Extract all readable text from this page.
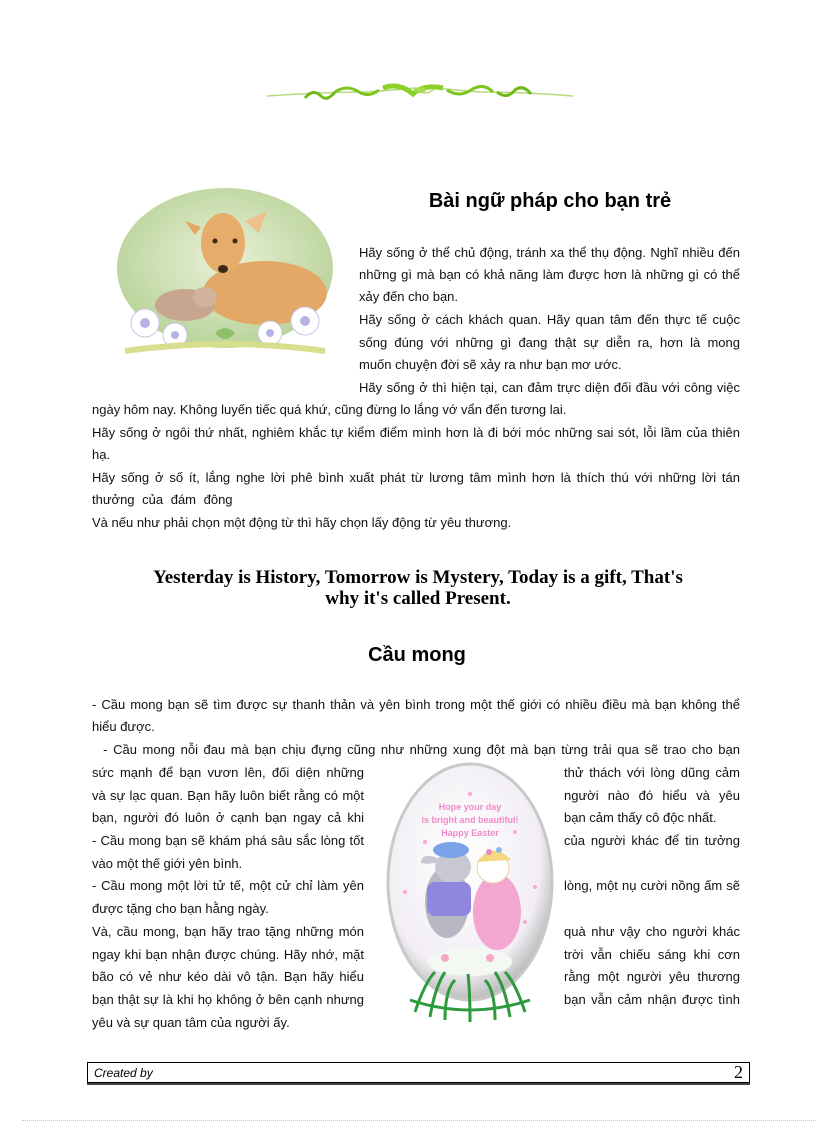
Bài ngữ pháp cho bạn trẻ
Hãy sống ở thể chủ động, tránh xa thể thụ động. Nghĩ nhiều đến
những gì mà bạn có khả năng làm được hơn là những gì có thể
xảy đến cho bạn.
Hãy sống ở cách khách quan. Hãy quan tâm đến thực tế cuộc
sống đúng với những gì đang thật sự diễn ra, hơn là mong
muốn chuyện đời sẽ xảy ra như bạn mơ ước.
Hãy sống ở thì hiện tại, can đảm trực diện đối đầu với công việc
ngày hôm nay. Không luyến tiếc quá khứ, cũng đừng lo lắng vớ vẩn đến tương lai.
Hãy sống ở ngôi thứ nhất, nghiêm khắc tự kiểm điểm mình hơn là đi bới móc những sai sót, lỗi lầm của thiên
hạ.
Hãy sống ở số ít, lắng nghe lời phê bình xuất phát từ lương tâm mình hơn là thích thú với những lời tán
thưởng của đám đông
Và nếu như phải chọn một động từ thì hãy chọn lấy động từ yêu thương.
Yesterday is History, Tomorrow is Mystery, Today is a gift, That's
why it's called Present.
Cầu mong
- Cầu mong bạn sẽ tìm được sự thanh thản và yên bình trong một thế giới có nhiều điều mà bạn không thể
hiểu được.
- Cầu mong nỗi đau mà bạn chịu đựng cũng như những xung đột mà bạn từng trải qua sẽ trao cho bạn
sức mạnh để bạn vươn lên, đối diện những
và sự lạc quan. Bạn hãy luôn biết rằng có một
bạn, người đó luôn ở cạnh bạn ngay cả khi
- Cầu mong bạn sẽ khám phá sâu sắc lòng tốt
vào một thế giới yên bình.
- Cầu mong một lời tử tế, một cử chỉ làm yên
được tặng cho bạn hằng ngày.
Và, cầu mong, bạn hãy trao tặng những món
ngay khi bạn nhận được chúng. Hãy nhớ, mặt
bão có vẻ như kéo dài vô tận. Bạn hãy hiểu
bạn thật sự là khi họ không ở bên cạnh nhưng
yêu và sự quan tâm của người ấy.
thử thách với lòng dũng cảm
người nào đó hiểu và yêu
bạn cảm thấy cô độc nhất.
của người khác để tin tưởng
lòng, một nụ cười nồng ấm sẽ
quà như vậy cho người khác
trời vẫn chiếu sáng khi cơn
rằng một người yêu thương
bạn vẫn cảm nhận được tình
Hope your day
is bright and beautiful!
Happy Easter
Created by	2
